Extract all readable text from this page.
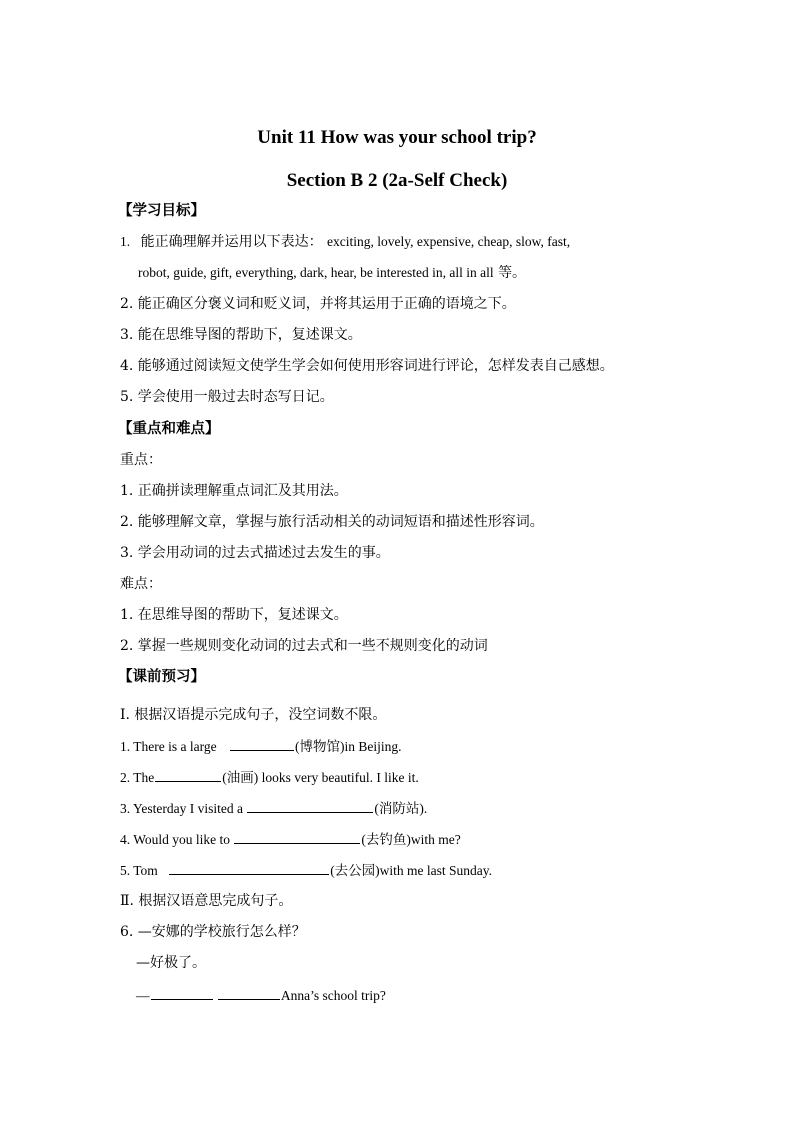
Unit 11 How was your school trip?
Section B 2 (2a-Self Check)
【学习目标】
1. 能正确理解并运用以下表达： exciting, lovely, expensive, cheap, slow, fast,
robot, guide, gift, everything, dark, hear, be interested in, all in all 等。
2. 能正确区分褒义词和贬义词，并将其运用于正确的语境之下。
3. 能在思维导图的帮助下，复述课文。
4. 能够通过阅读短文使学生学会如何使用形容词进行评论，怎样发表自己感想。
5. 学会使用一般过去时态写日记。
【重点和难点】
重点：
1. 正确拼读理解重点词汇及其用法。
2. 能够理解文章，掌握与旅行活动相关的动词短语和描述性形容词。
3. 学会用动词的过去式描述过去发生的事。
难点：
1. 在思维导图的帮助下，复述课文。
2. 掌握一些规则变化动词的过去式和一些不规则变化的动词
【课前预习】
Ⅰ. 根据汉语提示完成句子，没空词数不限。
1. There is a large	(博物馆)in Beijing.
2. The	(油画) looks very beautiful. I like it.
3. Yesterday I visited a	(消防站).
4. Would you like to	(去钓鱼)with me?
5. Tom	(去公园)with me last Sunday.
Ⅱ. 根据汉语意思完成句子。
6. —安娜的学校旅行怎么样？
—好极了。
—	Anna’s school trip?
